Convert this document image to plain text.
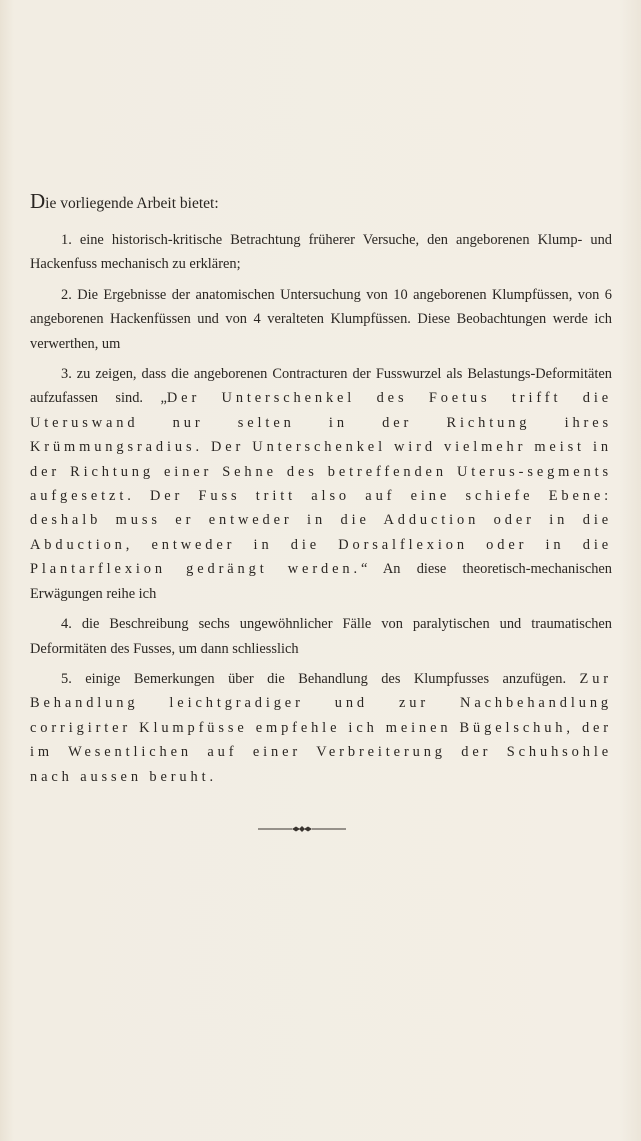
Die vorliegende Arbeit bietet:

1. eine historisch-kritische Betrachtung früherer Versuche, den angeborenen Klump- und Hackenfuss mechanisch zu erklären;

2. Die Ergebnisse der anatomischen Untersuchung von 10 angeborenen Klumpfüssen, von 6 angeborenen Hackenfüssen und von 4 veralteten Klumpfüssen. Diese Beobachtungen werde ich verwerthen, um

3. zu zeigen, dass die angeborenen Contracturen der Fusswurzel als Belastungs-Deformitäten aufzufassen sind. „Der Unterschenkel des Foetus trifft die Uteruswand nur selten in der Richtung ihres Krümmungsradius. Der Unterschenkel wird vielmehr meist in der Richtung einer Sehne des betreffenden Uterus-segments aufgesetzt. Der Fuss tritt also auf eine schiefe Ebene: deshalb muss er entweder in die Adduction oder in die Abduction, entweder in die Dorsalflexion oder in die Plantarflexion gedrängt werden.“ An diese theoretisch-mechanischen Erwägungen reihe ich

4. die Beschreibung sechs ungewöhnlicher Fälle von paralytischen und traumatischen Deformitäten des Fusses, um dann schliesslich

5. einige Bemerkungen über die Behandlung des Klumpfusses anzufügen. Zur Behandlung leichtgradiger und zur Nachbehandlung corrigirter Klumpfüsse empfehle ich meinen Bügelschuh, der im Wesentlichen auf einer Verbreiterung der Schuhsohle nach aussen beruht.
